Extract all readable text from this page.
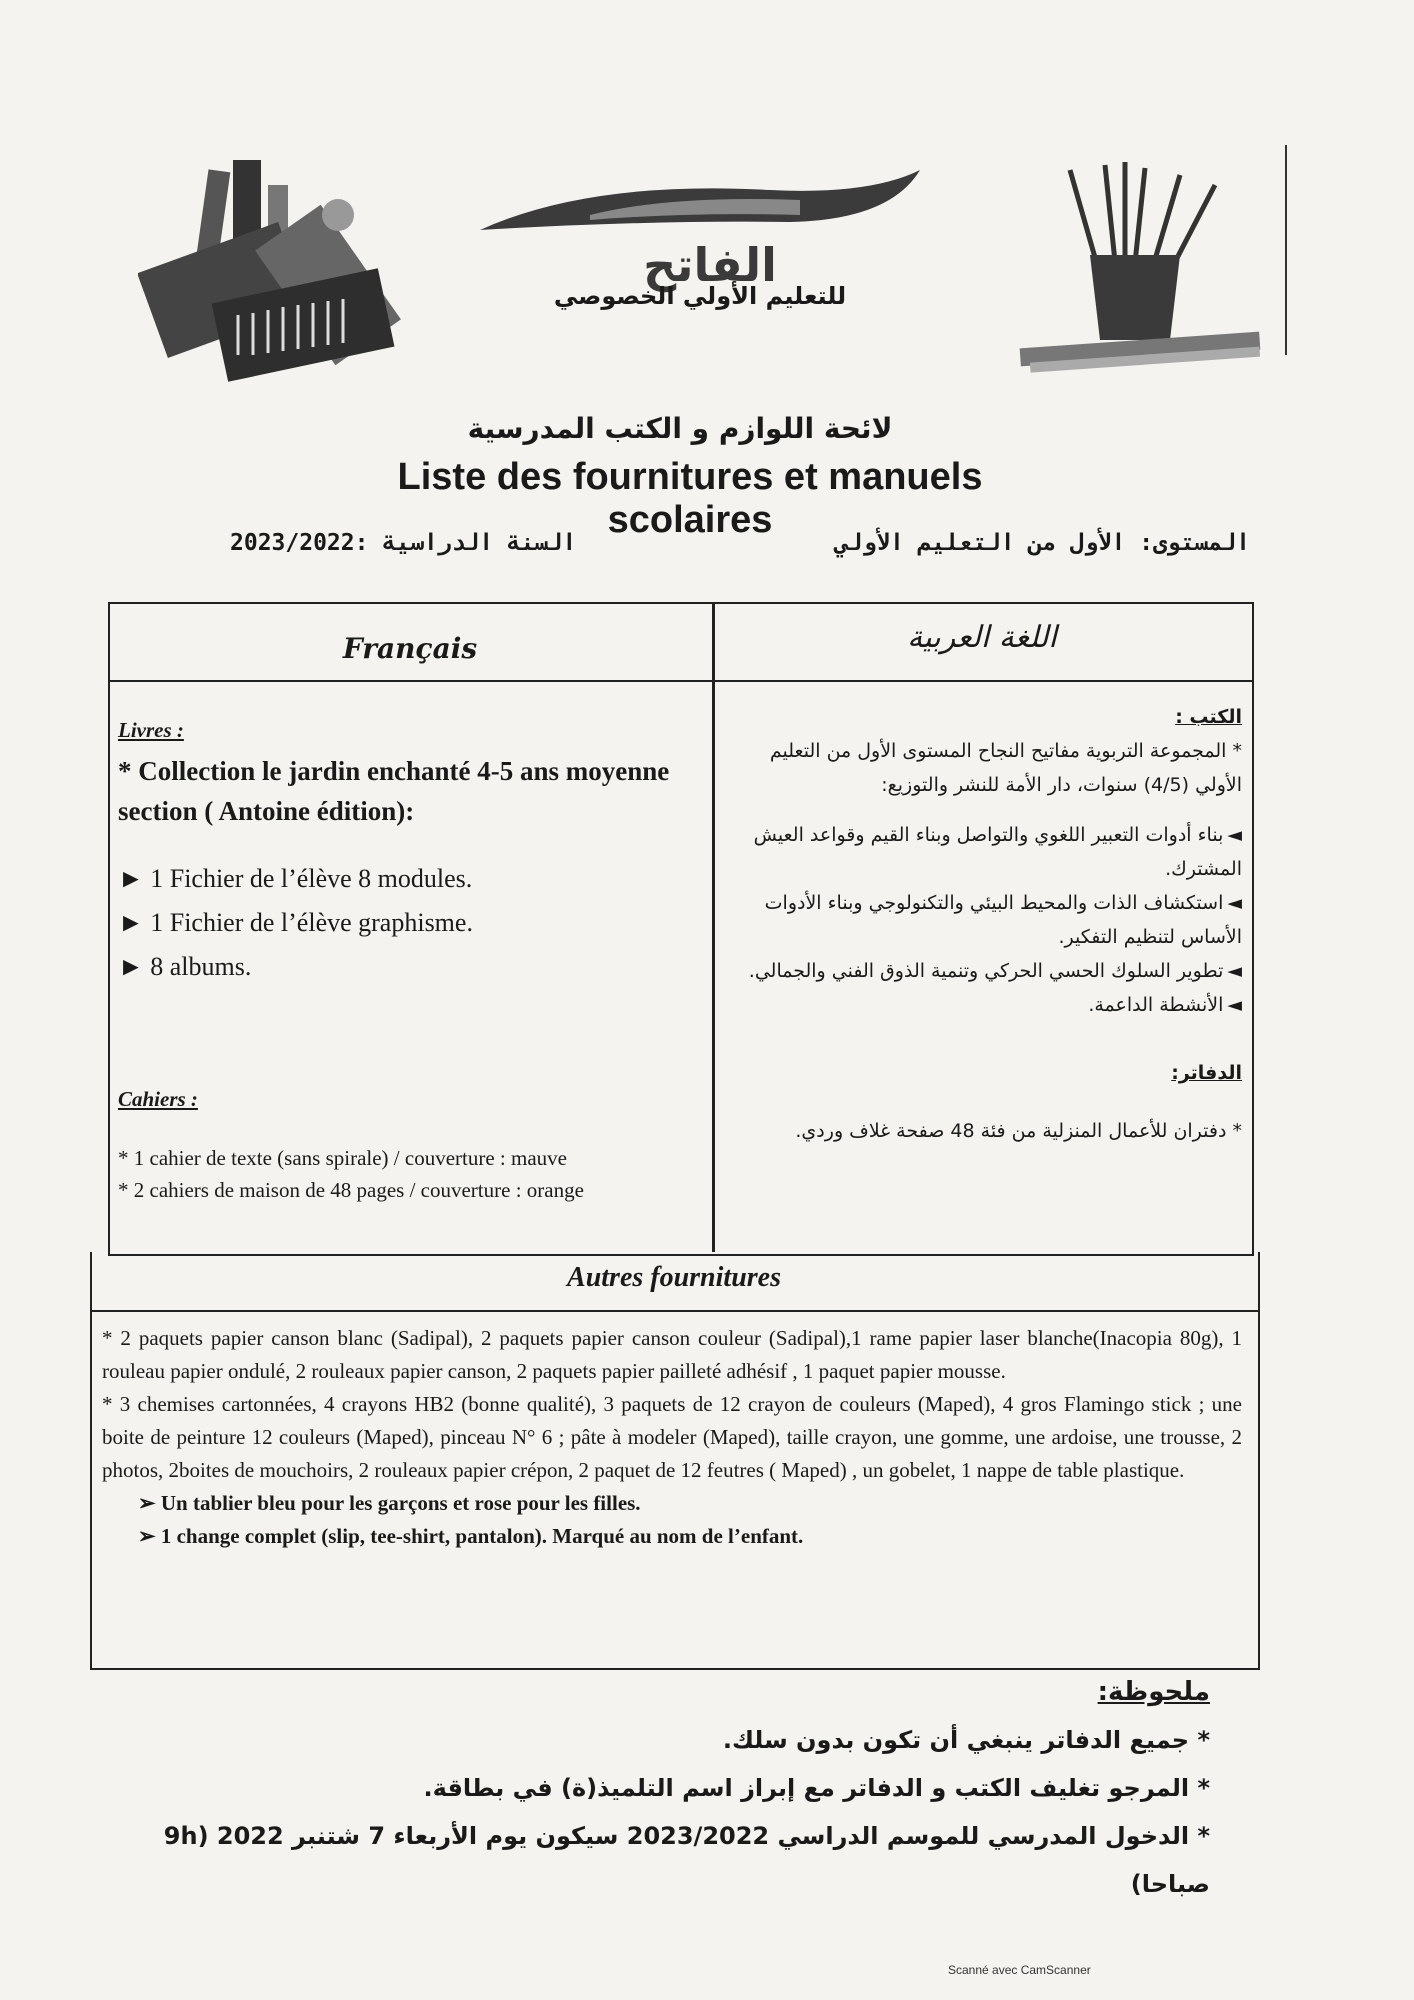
الفاتح
للتعليم الأولي الخصوصي
لائحة اللوازم و الكتب المدرسية
Liste des fournitures et manuels scolaires
المستوى: الأول من التعليم الأولي
السنة الدراسية :2023/2022
Français	اللغة العربية
Livres :
* Collection le jardin enchanté 4-5 ans moyenne section ( Antoine édition):
► 1 Fichier de l’élève 8 modules.
► 1 Fichier de l’élève graphisme.
► 8 albums.
Cahiers :
* 1 cahier de texte (sans spirale) / couverture : mauve
* 2 cahiers de maison de 48 pages / couverture : orange
الكتب :

* المجموعة التربوية مفاتيح النجاح المستوى الأول من التعليم الأولي (4/5) سنوات، دار الأمة للنشر والتوزيع:

◄ بناء أدوات التعبير اللغوي والتواصل وبناء القيم وقواعد العيش المشترك.

◄ استكشاف الذات والمحيط البيئي والتكنولوجي وبناء الأدوات الأساس لتنظيم التفكير.

◄ تطوير السلوك الحسي الحركي وتنمية الذوق الفني والجمالي.

◄ الأنشطة الداعمة.

الدفاتر:

* دفتران للأعمال المنزلية من فئة 48 صفحة غلاف وردي.

Autres fournitures

* 2 paquets papier canson blanc (Sadipal), 2 paquets papier canson couleur (Sadipal),1 rame papier laser blanche(Inacopia 80g), 1 rouleau papier ondulé, 2 rouleaux papier canson, 2 paquets papier pailleté adhésif , 1 paquet papier mousse.

* 3 chemises cartonnées, 4 crayons HB2 (bonne qualité), 3 paquets de 12 crayon de couleurs (Maped), 4 gros Flamingo stick ; une boite de peinture 12 couleurs (Maped), pinceau N° 6 ; pâte à modeler (Maped), taille crayon, une gomme, une ardoise, une trousse, 2 photos, 2boites de mouchoirs, 2 rouleaux papier crépon, 2 paquet de 12 feutres ( Maped) , un gobelet, 1 nappe de table plastique.

➢ Un tablier bleu pour les garçons et rose pour les filles.

➢ 1 change complet (slip, tee-shirt, pantalon). Marqué au nom de l’enfant.

ملحوظة:

* جميع الدفاتر ينبغي أن تكون بدون سلك.

* المرجو تغليف الكتب و الدفاتر مع إبراز اسم التلميذ(ة) في بطاقة.

* الدخول المدرسي للموسم الدراسي 2023/2022 سيكون يوم الأربعاء 7 شتنبر 2022 (9h صباحا)

Scanné avec CamScanner
